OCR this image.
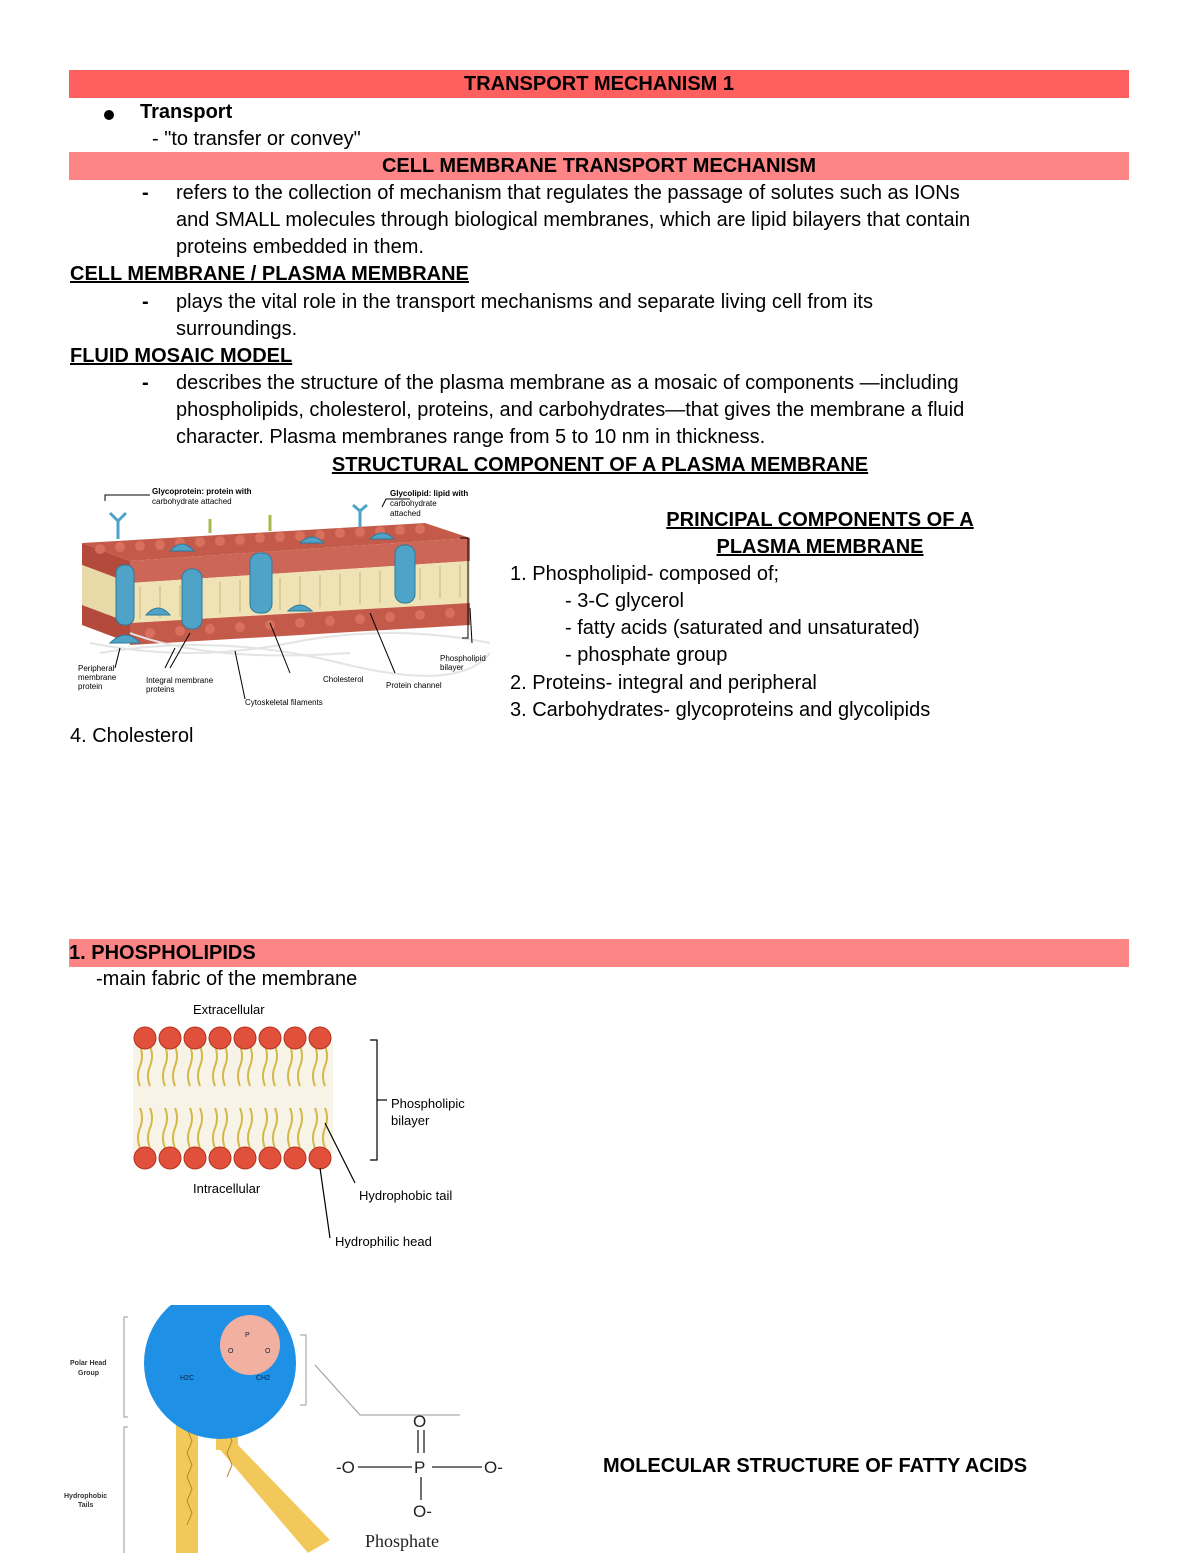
TRANSPORT MECHANISM 1
Transport
- "to transfer or convey"
CELL MEMBRANE TRANSPORT MECHANISM
- refers to the collection of mechanism that regulates the passage of solutes such as IONs
and SMALL molecules through biological membranes, which are lipid bilayers that contain
proteins embedded in them.
CELL MEMBRANE / PLASMA MEMBRANE
- plays the vital role in the transport mechanisms and separate living cell from its
surroundings.
FLUID MOSAIC MODEL
- describes the structure of the plasma membrane as a mosaic of components —including
phospholipids, cholesterol, proteins, and carbohydrates—that gives the membrane a fluid
character. Plasma membranes range from 5 to 10 nm in thickness.
STRUCTURAL COMPONENT OF A PLASMA MEMBRANE
Glycoprotein: protein with
carbohydrate attached
Glycolipid: lipid with
carbohydrate
attached
Peripheral
membrane
protein
Integral membrane
proteins
Cytoskeletal filaments
Cholesterol
Protein channel
Phospholipid
bilayer
4. Cholesterol
PRINCIPAL COMPONENTS OF A
PLASMA MEMBRANE
1. Phospholipid- composed of;
- 3-C glycerol
- fatty acids (saturated and unsaturated)
- phosphate group
2. Proteins- integral and peripheral
3. Carbohydrates- glycoproteins and glycolipids
1. PHOSPHOLIPIDS
-main fabric of the membrane
Extracellular
Intracellular
Phospholipic
bilayer
Hydrophobic tail
Hydrophilic head
P
O	O
H2C	CH2
Polar Head
Group
Hydrophobic
Tails
O
-O	P	O-
O-
Phosphate
MOLECULAR STRUCTURE OF FATTY ACIDS
